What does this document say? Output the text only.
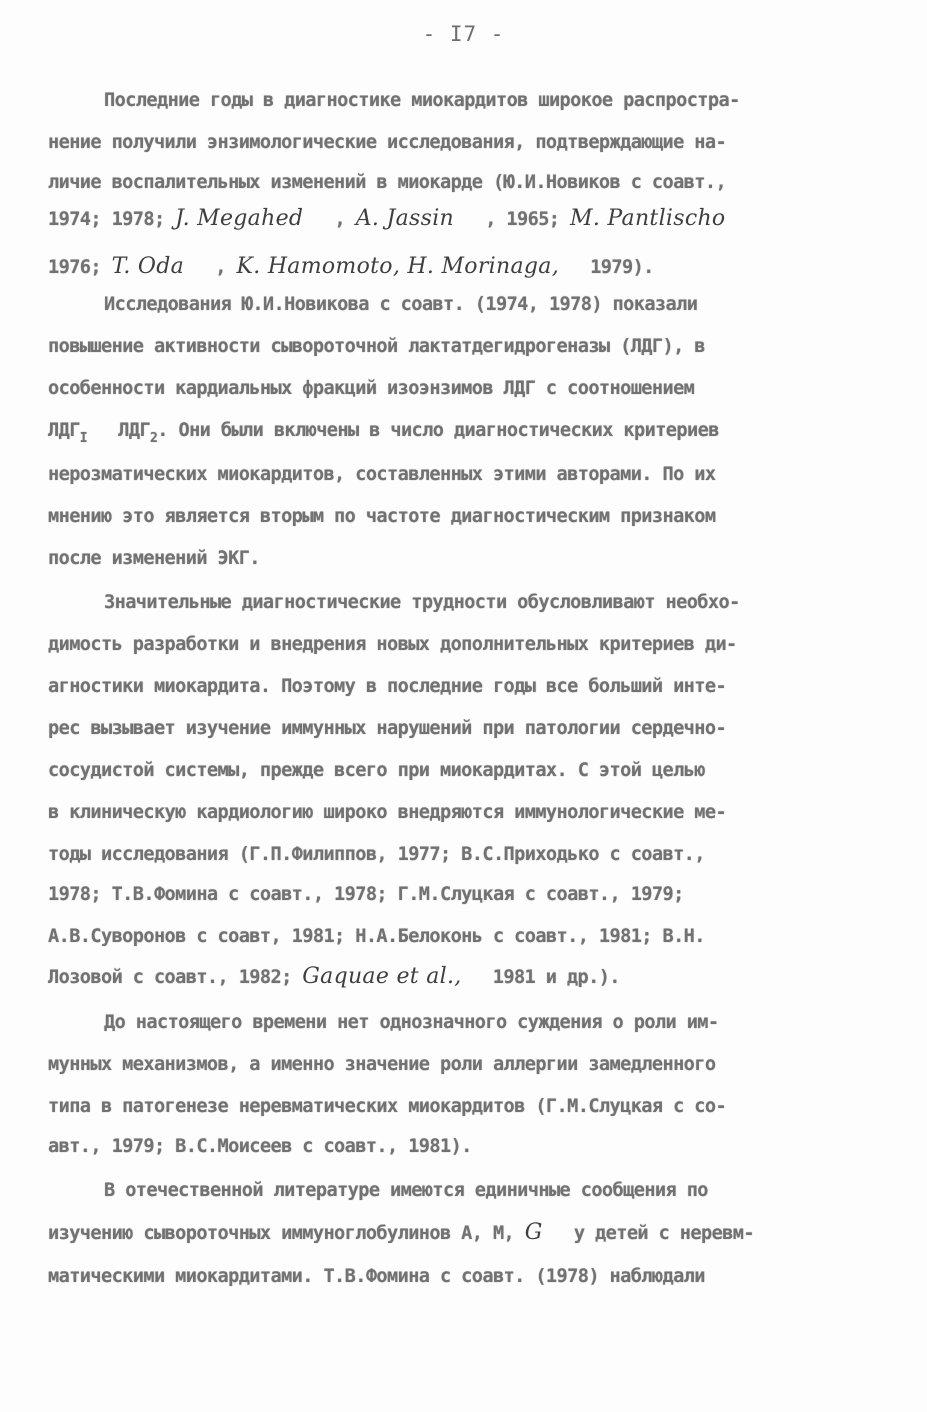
- I7 -
Последние годы в диагностике миокардитов широкое распростра-
нение получили энзимологические исследования, подтверждающие на-
личие воспалительных изменений в миокарде (Ю.И.Новиков с соавт.,
1974; 1978; J. Megahed , A. Jassin , 1965; M. Pantlischo
1976; T. Oda , K. Hamomoto, H. Morinaga, 1979).
Исследования Ю.И.Новикова с соавт. (1974, 1978) показали
повышение активности сывороточной лактатдегидрогеназы (ЛДГ), в
особенности кардиальных фракций изоэнзимов ЛДГ с соотношением
$ЛДГ_I$ $ЛДГ_2$. Они были включены в число диагностических критериев
нерозматических миокардитов, составленных этими авторами. По их
мнению это является вторым по частоте диагностическим признаком
после изменений ЭКГ.
Значительные диагностические трудности обусловливают необхо-
димость разработки и внедрения новых дополнительных критериев ди-
агностики миокардита. Поэтому в последние годы все больший инте-
рес вызывает изучение иммунных нарушений при патологии сердечно-
сосудистой системы, прежде всего при миокардитах. С этой целью
в клиническую кардиологию широко внедряются иммунологические ме-
тоды исследования (Г.П.Филиппов, 1977; В.С.Приходько с соавт.,
1978; Т.В.Фомина с соавт., 1978; Г.М.Слуцкая с соавт., 1979;
А.В.Суворонов с соавт, 1981; Н.А.Белоконь с соавт., 1981; В.Н.
Лозовой с соавт., 1982; Gaquae et al., 1981 и др.).
До настоящего времени нет однозначного суждения о роли им-
мунных механизмов, а именно значение роли аллергии замедленного
типа в патогенезе неревматических миокардитов (Г.М.Слуцкая с со-
авт., 1979; В.С.Моисеев с соавт., 1981).
В отечественной литературе имеются единичные сообщения по
изучению сывороточных иммуноглобулинов А, М, G у детей с неревм-
матическими миокардитами. Т.В.Фомина с соавт. (1978) наблюдали
